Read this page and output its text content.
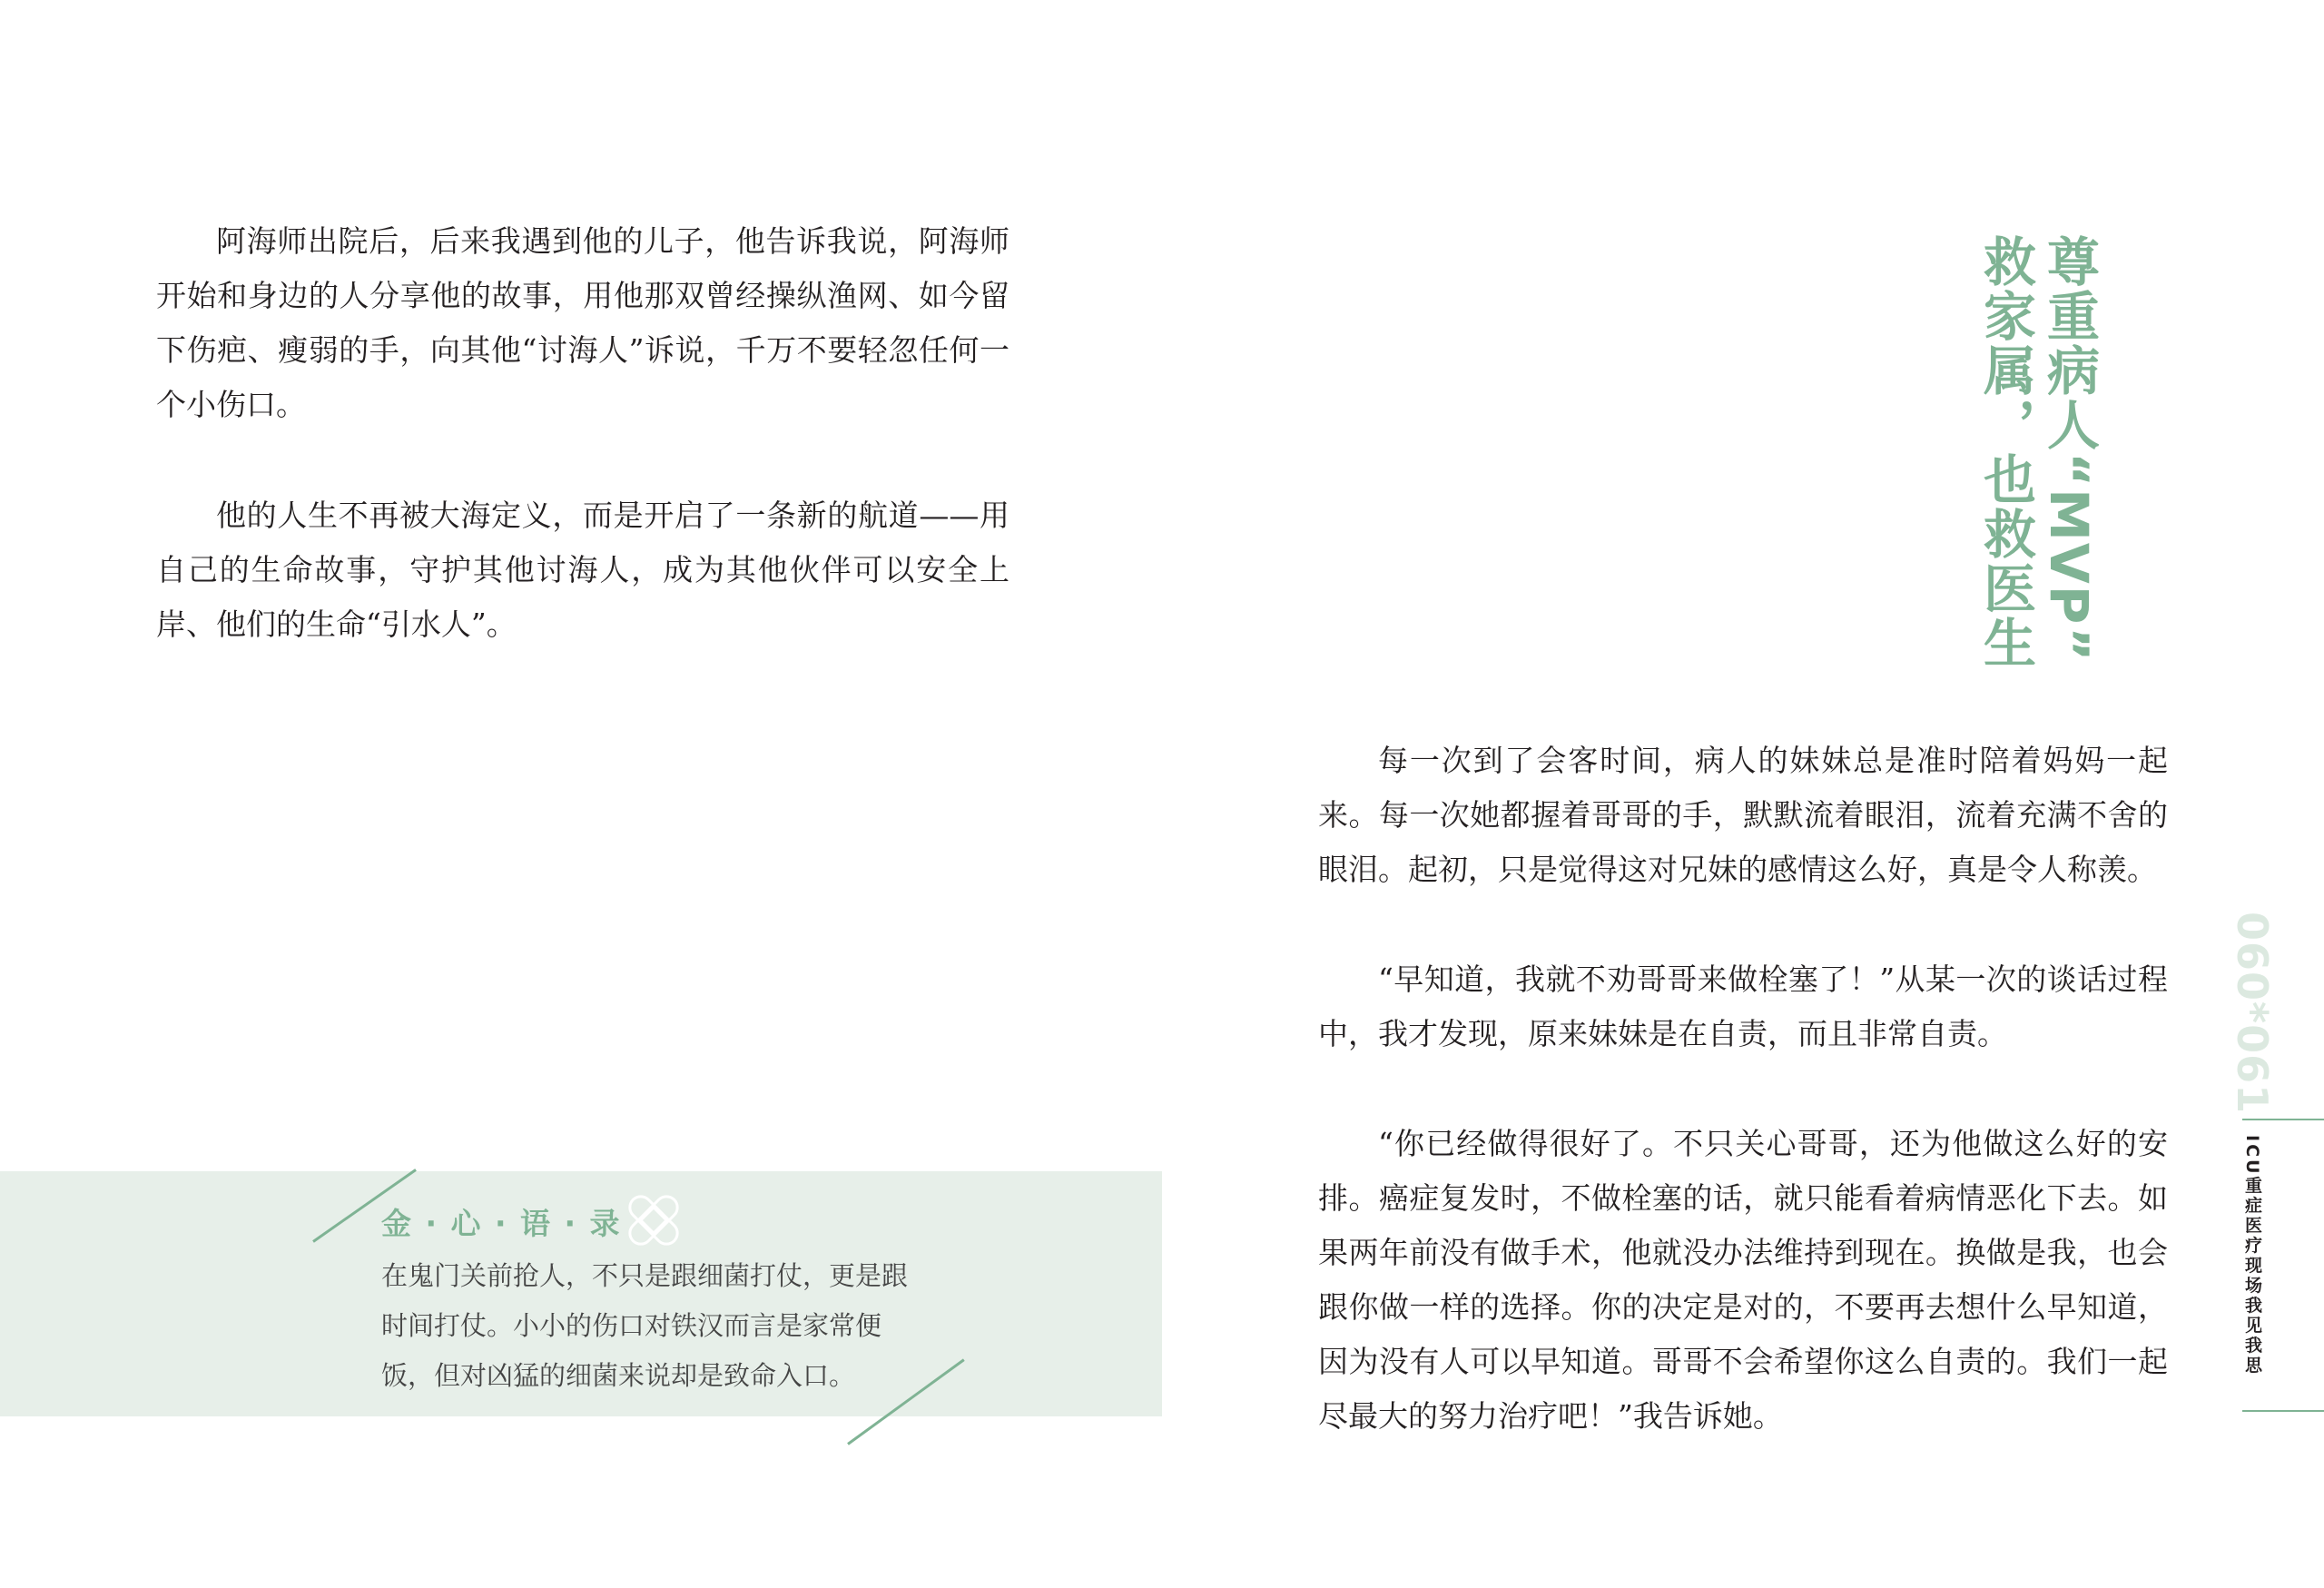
阿海师出院后，后来我遇到他的儿子，他告诉我说，阿海师开始和身边的人分享他的故事，用他那双曾经操纵渔网、如今留下伤疤、瘦弱的手，向其他“讨海人”诉说，千万不要轻忽任何一个小伤口。

他的人生不再被大海定义，而是开启了一条新的航道——用自己的生命故事，守护其他讨海人，成为其他伙伴可以安全上岸、他们的生命“引水人”。

金 · 心 · 语 · 录

在鬼门关前抢人，不只是跟细菌打仗，更是跟时间打仗。小小的伤口对铁汉而言是家常便饭，但对凶猛的细菌来说却是致命入口。

尊重病人“MVP”
救家属，也救医生

每一次到了会客时间，病人的妹妹总是准时陪着妈妈一起来。每一次她都握着哥哥的手，默默流着眼泪，流着充满不舍的眼泪。起初，只是觉得这对兄妹的感情这么好，真是令人称羡。

“早知道，我就不劝哥哥来做栓塞了！”从某一次的谈话过程中，我才发现，原来妹妹是在自责，而且非常自责。

“你已经做得很好了。不只关心哥哥，还为他做这么好的安排。癌症复发时，不做栓塞的话，就只能看着病情恶化下去。如果两年前没有做手术，他就没办法维持到现在。换做是我，也会跟你做一样的选择。你的决定是对的，不要再去想什么早知道，因为没有人可以早知道。哥哥不会希望你这么自责的。我们一起尽最大的努力治疗吧！”我告诉她。

060*061
ICU重症医疗现场我见我思
